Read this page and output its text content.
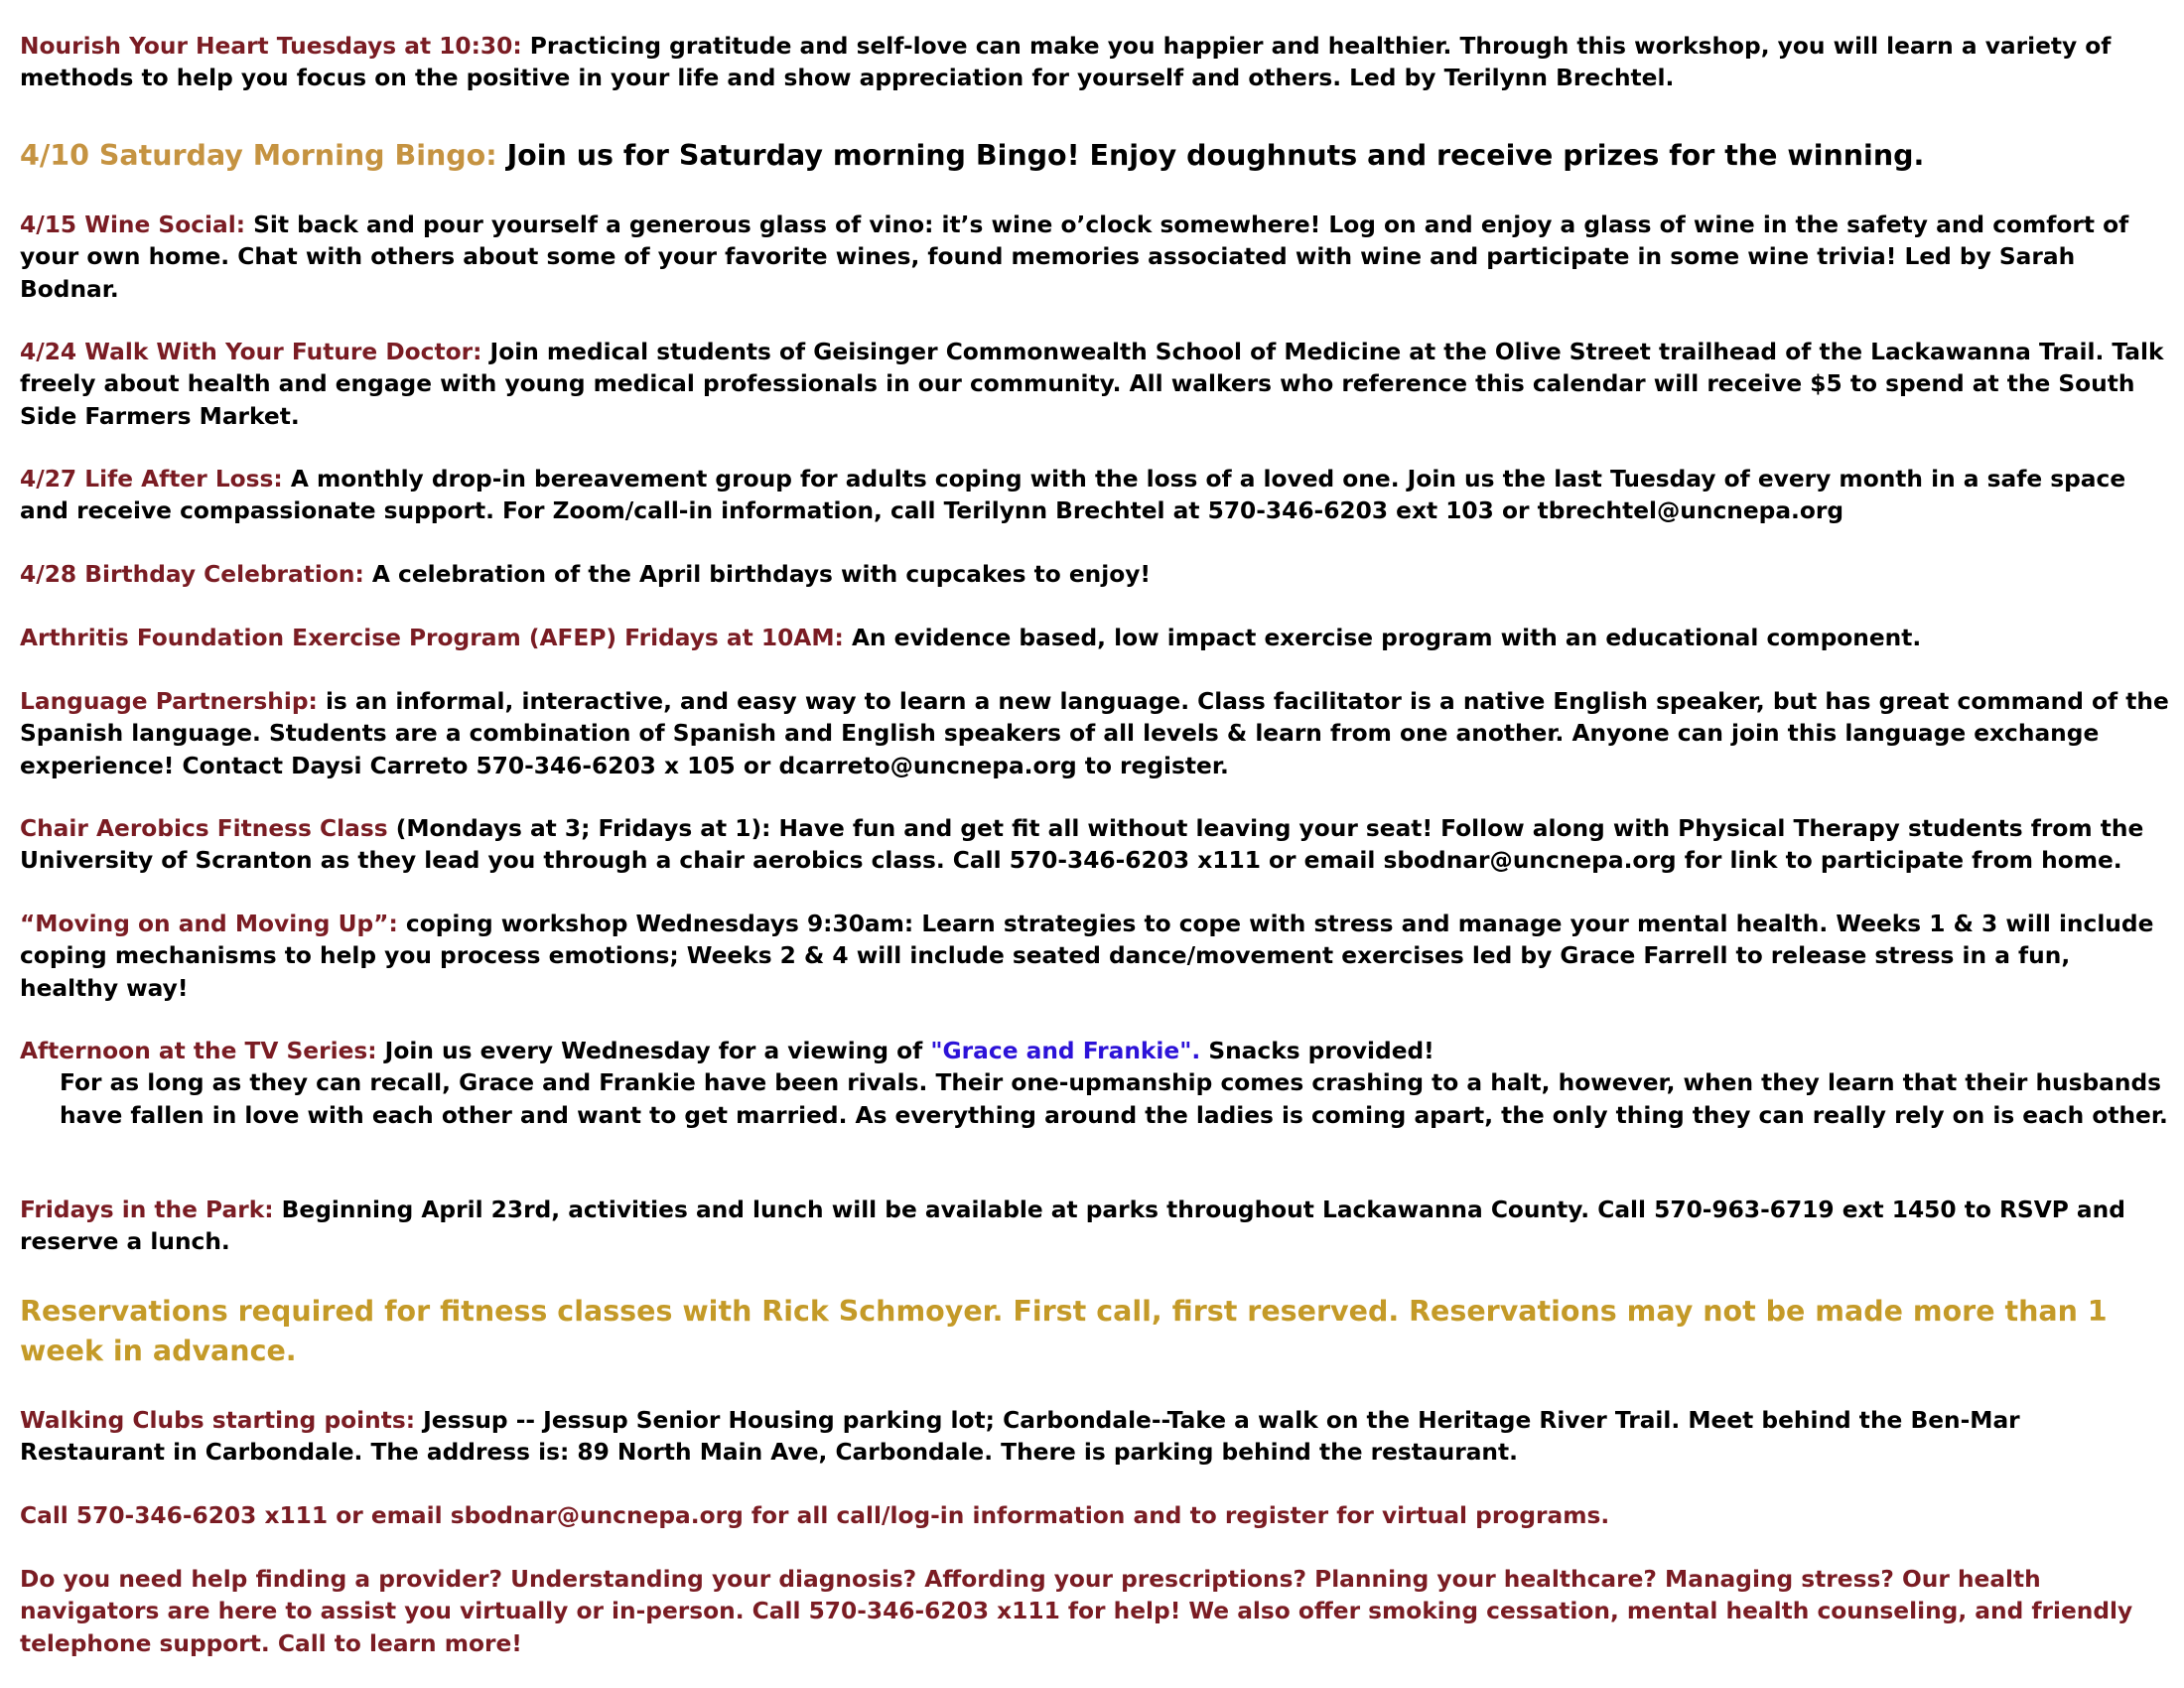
Nourish Your Heart Tuesdays at 10:30: Practicing gratitude and self-love can make you happier and healthier. Through this workshop, you will learn a variety of methods to help you focus on the positive in your life and show appreciation for yourself and others. Led by Terilynn Brechtel.

4/10 Saturday Morning Bingo: Join us for Saturday morning Bingo! Enjoy doughnuts and receive prizes for the winning.

4/15 Wine Social: Sit back and pour yourself a generous glass of vino: it’s wine o’clock somewhere! Log on and enjoy a glass of wine in the safety and comfort of your own home. Chat with others about some of your favorite wines, found memories associated with wine and participate in some wine trivia! Led by Sarah Bodnar.

4/24 Walk With Your Future Doctor: Join medical students of Geisinger Commonwealth School of Medicine at the Olive Street trailhead of the Lackawanna Trail. Talk freely about health and engage with young medical professionals in our community. All walkers who reference this calendar will receive $5 to spend at the South Side Farmers Market.

4/27 Life After Loss: A monthly drop-in bereavement group for adults coping with the loss of a loved one. Join us the last Tuesday of every month in a safe space and receive compassionate support. For Zoom/call-in information, call Terilynn Brechtel at 570-346-6203 ext 103 or tbrechtel@uncnepa.org

4/28 Birthday Celebration: A celebration of the April birthdays with cupcakes to enjoy!

Arthritis Foundation Exercise Program (AFEP) Fridays at 10AM: An evidence based, low impact exercise program with an educational component.

Language Partnership: is an informal, interactive, and easy way to learn a new language. Class facilitator is a native English speaker, but has great command of the Spanish language. Students are a combination of Spanish and English speakers of all levels & learn from one another. Anyone can join this language exchange experience! Contact Daysi Carreto 570-346-6203 x 105 or dcarreto@uncnepa.org to register.

Chair Aerobics Fitness Class (Mondays at 3; Fridays at 1): Have fun and get fit all without leaving your seat! Follow along with Physical Therapy students from the University of Scranton as they lead you through a chair aerobics class. Call 570-346-6203 x111 or email sbodnar@uncnepa.org for link to participate from home.

“Moving on and Moving Up”: coping workshop Wednesdays 9:30am: Learn strategies to cope with stress and manage your mental health. Weeks 1 & 3 will include coping mechanisms to help you process emotions; Weeks 2 & 4 will include seated dance/movement exercises led by Grace Farrell to release stress in a fun, healthy way!

Afternoon at the TV Series: Join us every Wednesday for a viewing of "Grace and Frankie". Snacks provided!
For as long as they can recall, Grace and Frankie have been rivals. Their one-upmanship comes crashing to a halt, however, when they learn that their husbands have fallen in love with each other and want to get married. As everything around the ladies is coming apart, the only thing they can really rely on is each other.

Fridays in the Park: Beginning April 23rd, activities and lunch will be available at parks throughout Lackawanna County. Call 570-963-6719 ext 1450 to RSVP and reserve a lunch.

Reservations required for fitness classes with Rick Schmoyer. First call, first reserved. Reservations may not be made more than 1 week in advance.

Walking Clubs starting points: Jessup -- Jessup Senior Housing parking lot; Carbondale--Take a walk on the Heritage River Trail. Meet behind the Ben-Mar Restaurant in Carbondale. The address is: 89 North Main Ave, Carbondale. There is parking behind the restaurant.

Call 570-346-6203 x111 or email sbodnar@uncnepa.org for all call/log-in information and to register for virtual programs.

Do you need help finding a provider? Understanding your diagnosis? Affording your prescriptions? Planning your healthcare? Managing stress? Our health navigators are here to assist you virtually or in-person. Call 570-346-6203 x111 for help! We also offer smoking cessation, mental health counseling, and friendly telephone support. Call to learn more!
